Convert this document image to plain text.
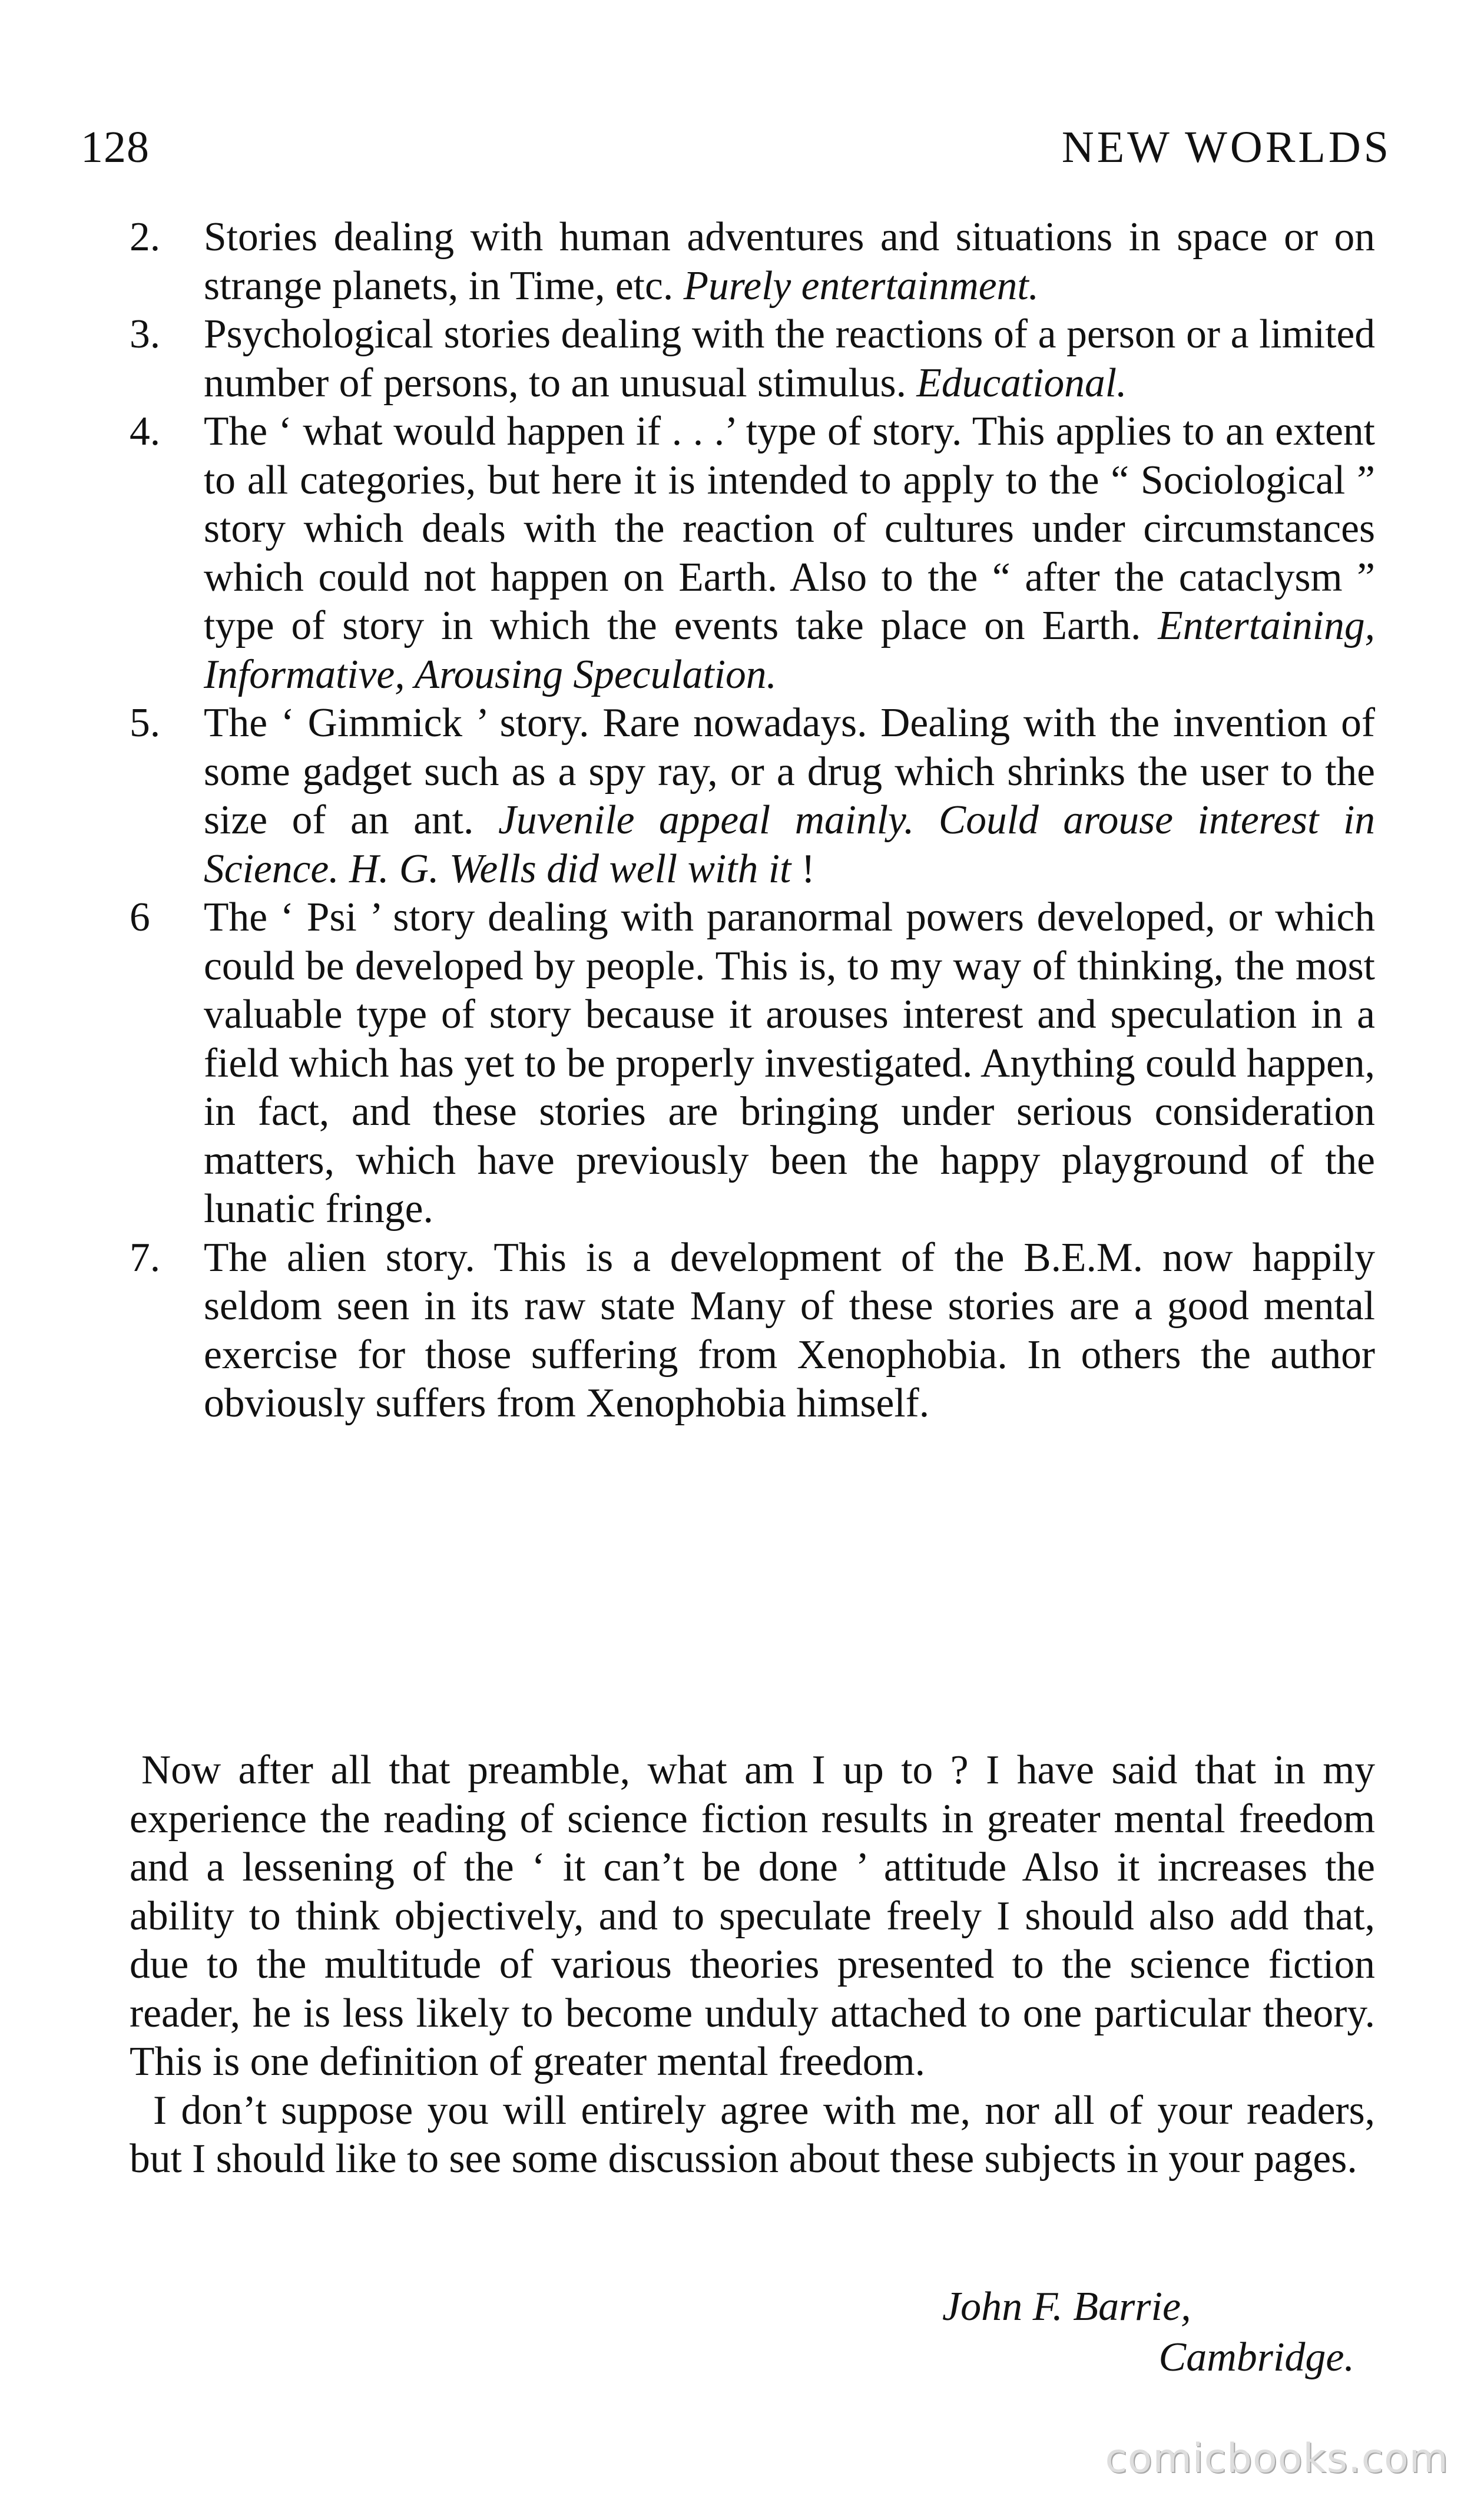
128	NEW WORLDS
2.	Stories dealing with human adventures and situations in space or on strange planets, in Time, etc. Purely entertainment.
3.	Psychological stories dealing with the reactions of a person or a limited number of persons, to an unusual stimulus. Educational.
4.	The ‘ what would happen if . . .’ type of story. This applies to an extent to all categories, but here it is intended to apply to the “ Sociological ” story which deals with the reaction of cultures under circumstances which could not happen on Earth. Also to the “ after the cataclysm ” type of story in which the events take place on Earth. Entertaining, Informative, Arousing Speculation.
5.	The ‘ Gimmick ’ story. Rare nowadays. Dealing with the invention of some gadget such as a spy ray, or a drug which shrinks the user to the size of an ant. Juvenile appeal mainly. Could arouse interest in Science. H. G. Wells did well with it !
6	The ‘ Psi ’ story dealing with paranormal powers developed, or which could be developed by people. This is, to my way of thinking, the most valuable type of story because it arouses interest and speculation in a field which has yet to be properly investigated. Anything could happen, in fact, and these stories are bringing under serious consideration matters, which have previously been the happy playground of the lunatic fringe.
7.	The alien story. This is a development of the B.E.M. now happily seldom seen in its raw state Many of these stories are a good mental exercise for those suffering from Xenophobia. In others the author obviously suffers from Xenophobia himself.

Now after all that preamble, what am I up to ? I have said that in my experience the reading of science fiction results in greater mental freedom and a lessening of the ‘ it can’t be done ’ attitude Also it increases the ability to think objectively, and to speculate freely I should also add that, due to the multitude of various theories presented to the science fiction reader, he is less likely to become unduly attached to one particular theory. This is one definition of greater mental freedom.

I don’t suppose you will entirely agree with me, nor all of your readers, but I should like to see some discussion about these subjects in your pages.

John F. Barrie,
Cambridge.
comicbooks.com
